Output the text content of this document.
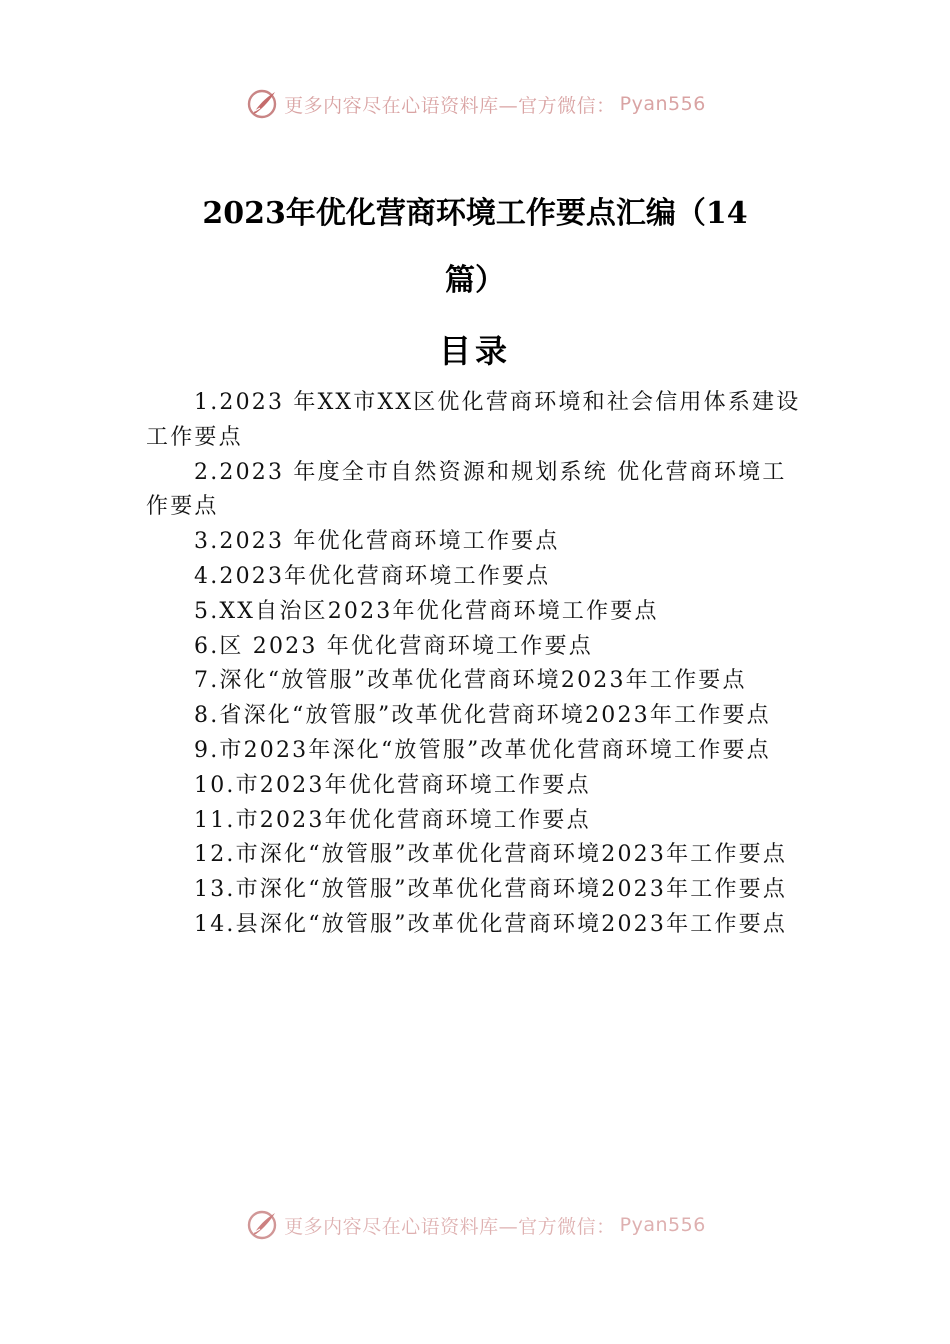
更多内容尽在心语资料库—官方微信： Pyan556
2023年优化营商环境工作要点汇编（14
篇）
目录
1.2023 年XX市XX区优化营商环境和社会信用体系建设工作要点
2.2023 年度全市自然资源和规划系统 优化营商环境工作要点
3.2023 年优化营商环境工作要点
4.2023年优化营商环境工作要点
5.XX自治区2023年优化营商环境工作要点
6.区 2023 年优化营商环境工作要点
7.深化“放管服”改革优化营商环境2023年工作要点
8.省深化“放管服”改革优化营商环境2023年工作要点
9.市2023年深化“放管服”改革优化营商环境工作要点
10.市2023年优化营商环境工作要点
11.市2023年优化营商环境工作要点
12.市深化“放管服”改革优化营商环境2023年工作要点
13.市深化“放管服”改革优化营商环境2023年工作要点
14.县深化“放管服”改革优化营商环境2023年工作要点
更多内容尽在心语资料库—官方微信： Pyan556
